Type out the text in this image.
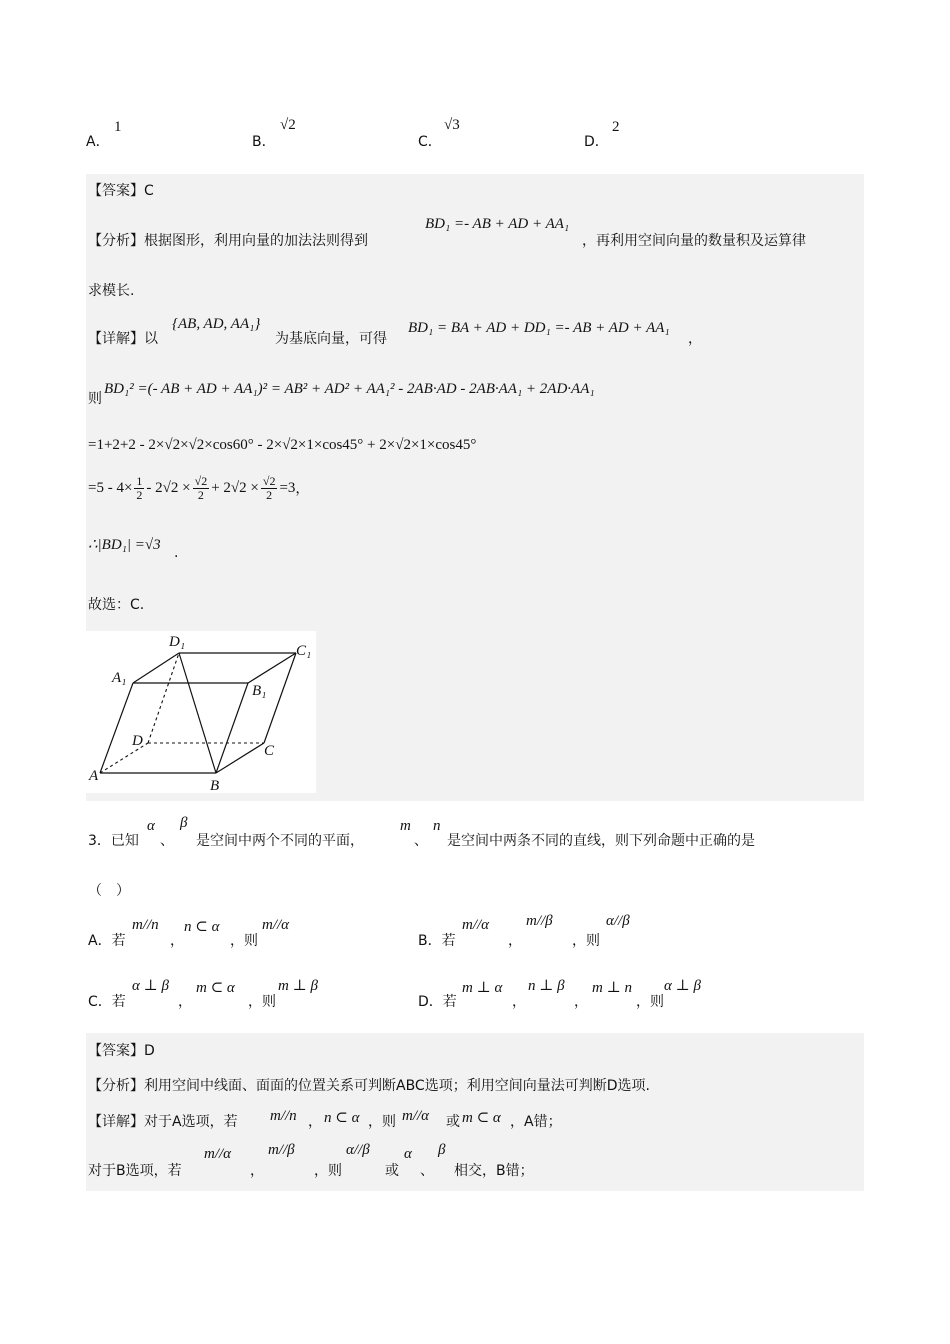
A．
1
B．
√2
C．
√3
D．
2
【答案】C
【分析】根据图形，利用向量的加法法则得到
BD₁ =- AB + AD + AA₁
，再利用空间向量的数量积及运算律
求模长.
【详解】以
{AB, AD, AA₁}
为基底向量，可得
BD₁ = BA + AD + DD₁ =- AB + AD + AA₁
，
则
BD₁² =(- AB + AD + AA₁)² = AB² + AD² + AA₁² - 2AB·AD - 2AB·AA₁ + 2AD·AA₁
=1+2+2 - 2×√2×√2×cos60° - 2×√2×1×cos45° + 2×√2×1×cos45°
$=5 - 4\times \frac{1}{2} - 2√2 \times \frac{√2}{2} + 2√2 \times \frac{√2}{2} =3$ ，
∴|BD₁| =√3 .
故选：C.
A
B
C
D
A₁
B₁
C₁
D₁
3．已知
α
、
β
是空间中两个不同的平面，
m
、
n
是空间中两条不同的直线，则下列命题中正确的是
（　）
A．若
m//n
，
n ⊂ α
，则
m//α
B．若
m//α
，
m//β
，则
α//β
C．若
α ⊥ β
，
m ⊂ α
，则
m ⊥ β
D．若
m ⊥ α
，
n ⊥ β
，
m ⊥ n
，则
α ⊥ β
【答案】D
【分析】利用空间中线面、面面的位置关系可判断ABC选项；利用空间向量法可判断D选项.
【详解】对于A选项，若 m//n ， n ⊂ α ，则 m//α 或 m ⊂ α ，A错；
对于B选项，若
m//α
，
m//β
，则
α//β
或
α
、
β
相交，B错；
